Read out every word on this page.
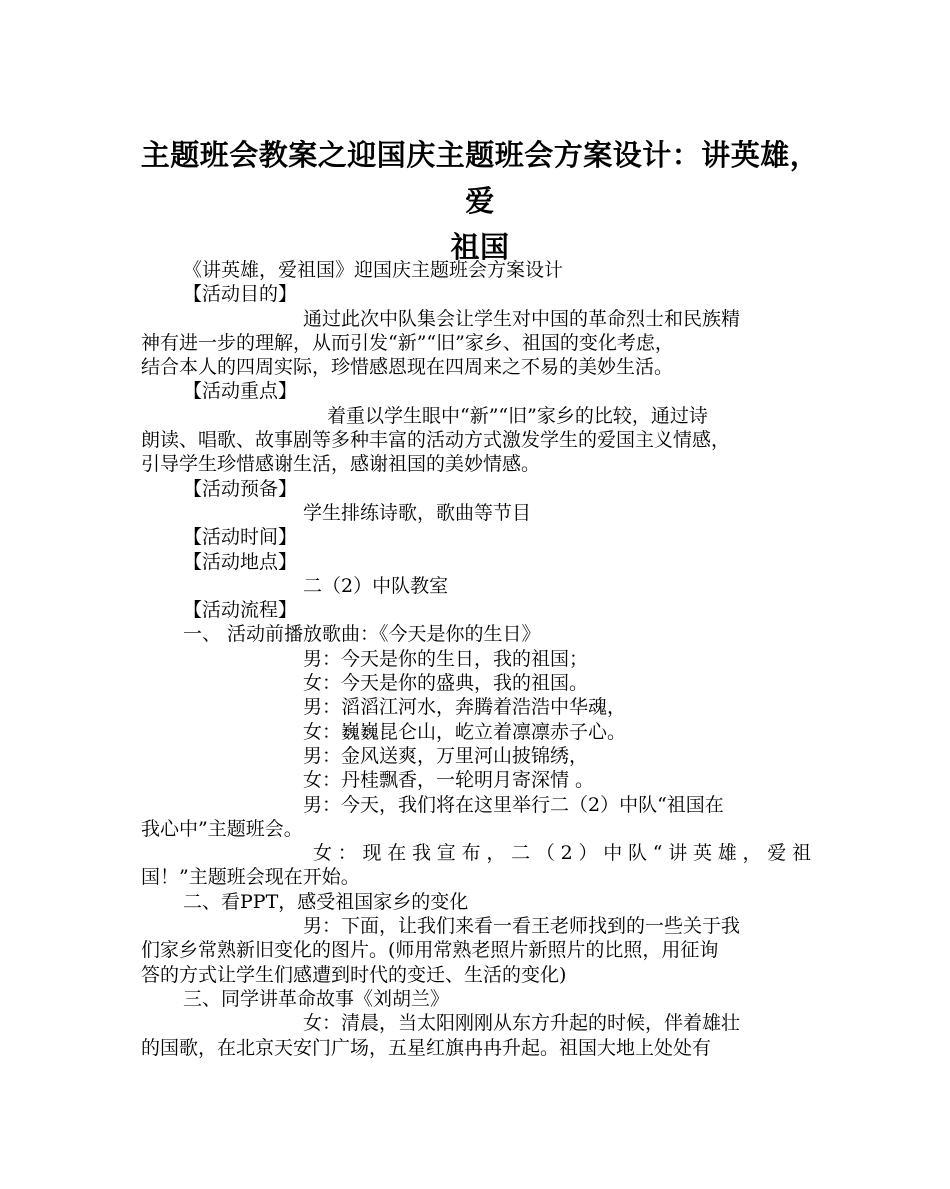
主题班会教案之迎国庆主题班会方案设计：讲英雄，爱
祖国

《讲英雄，爱祖国》迎国庆主题班会方案设计

【活动目的】

通过此次中队集会让学生对中国的革命烈士和民族精

神有进一步的理解，从而引发“新”“旧”家乡、祖国的变化考虑，

结合本人的四周实际，珍惜感恩现在四周来之不易的美妙生活。

【活动重点】

着重以学生眼中“新”“旧”家乡的比较，通过诗

朗读、唱歌、故事剧等多种丰富的活动方式激发学生的爱国主义情感，

引导学生珍惜感谢生活，感谢祖国的美妙情感。

【活动预备】

学生排练诗歌，歌曲等节目

【活动时间】

【活动地点】

二（2）中队教室

【活动流程】

一、 活动前播放歌曲：《今天是你的生日》

男：今天是你的生日，我的祖国；

女：今天是你的盛典，我的祖国。

男：滔滔江河水，奔腾着浩浩中华魂，

女：巍巍昆仑山，屹立着凛凛赤子心。

男：金风送爽，万里河山披锦绣，

女：丹桂飘香，一轮明月寄深情 。

男：今天，我们将在这里举行二（2）中队“祖国在

我心中”主题班会。

女：现在我宣布，二（2）中队“讲英雄，爱祖

国！”主题班会现在开始。

二、看PPT，感受祖国家乡的变化

男：下面，让我们来看一看王老师找到的一些关于我

们家乡常熟新旧变化的图片。(师用常熟老照片新照片的比照，用征询

答的方式让学生们感遭到时代的变迁、生活的变化)

三、同学讲革命故事《刘胡兰》

女：清晨，当太阳刚刚从东方升起的时候，伴着雄壮

的国歌，在北京天安门广场，五星红旗冉冉升起。祖国大地上处处有
